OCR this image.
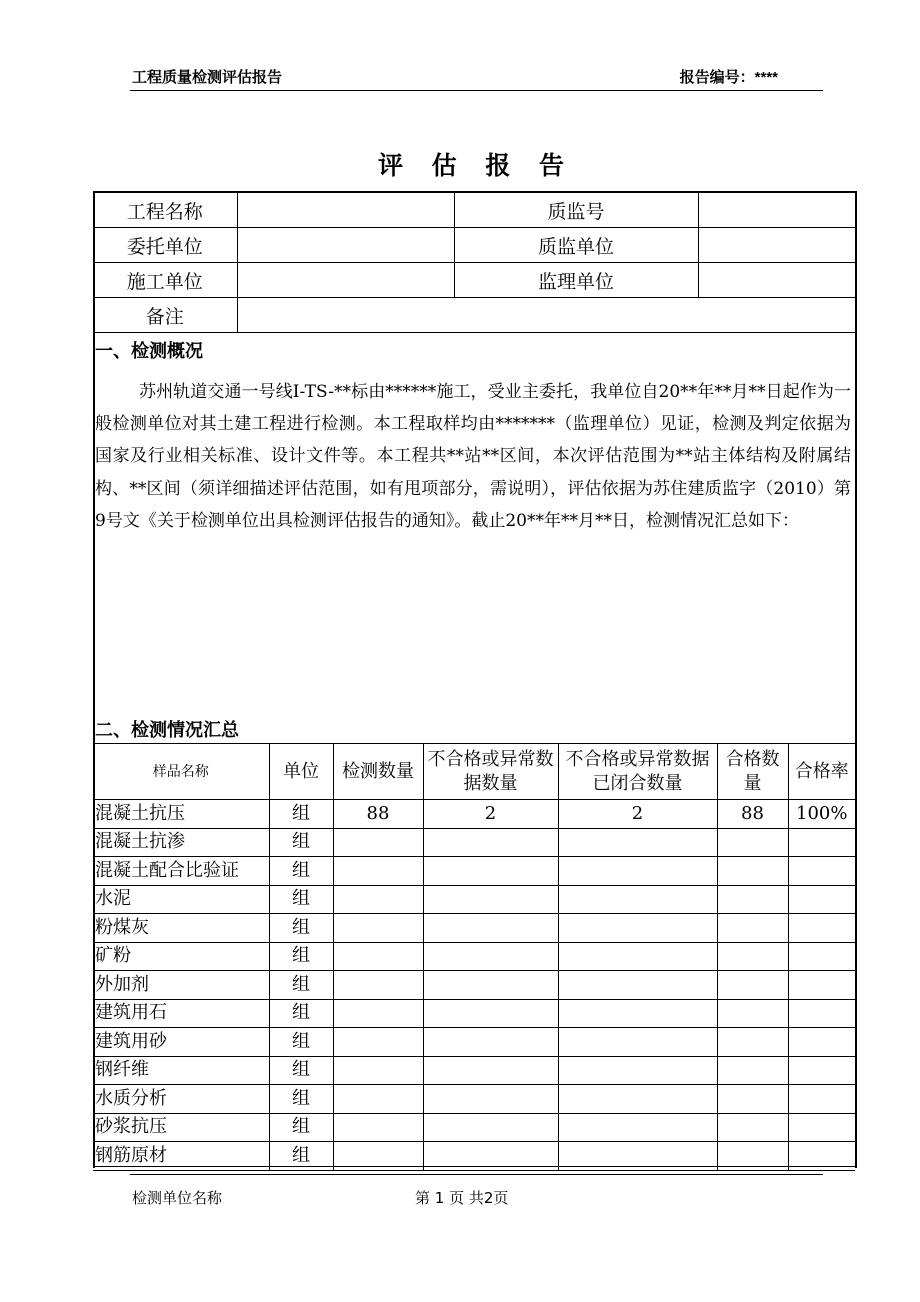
工程质量检测评估报告	报告编号：****
评 估 报 告
工程名称		质监号	
委托单位		质监单位	
施工单位		监理单位	
备注			
一、检测概况

苏州轨道交通一号线I-TS-**标由******施工，受业主委托，我单位自20**年**月**日起作为一般检测单位对其土建工程进行检测。本工程取样均由*******（监理单位）见证，检测及判定依据为国家及行业相关标准、设计文件等。本工程共**站**区间，本次评估范围为**站主体结构及附属结构、**区间（须详细描述评估范围，如有甩项部分，需说明），评估依据为苏住建质监字（2010）第9号文《关于检测单位出具检测评估报告的通知》。截止20**年**月**日，检测情况汇总如下：

二、检测情况汇总
样品名称	单位	检测数量	不合格或异常数据数量	不合格或异常数据已闭合数量	合格数量	合格率
混凝土抗压	组	88	2	2	88	100%
混凝土抗渗	组					
混凝土配合比验证	组					
水泥	组					
粉煤灰	组					
矿粉	组					
外加剂	组					
建筑用石	组					
建筑用砂	组					
钢纤维	组					
水质分析	组					
砂浆抗压	组					
钢筋原材	组					
检测单位名称	第 1 页 共2页
